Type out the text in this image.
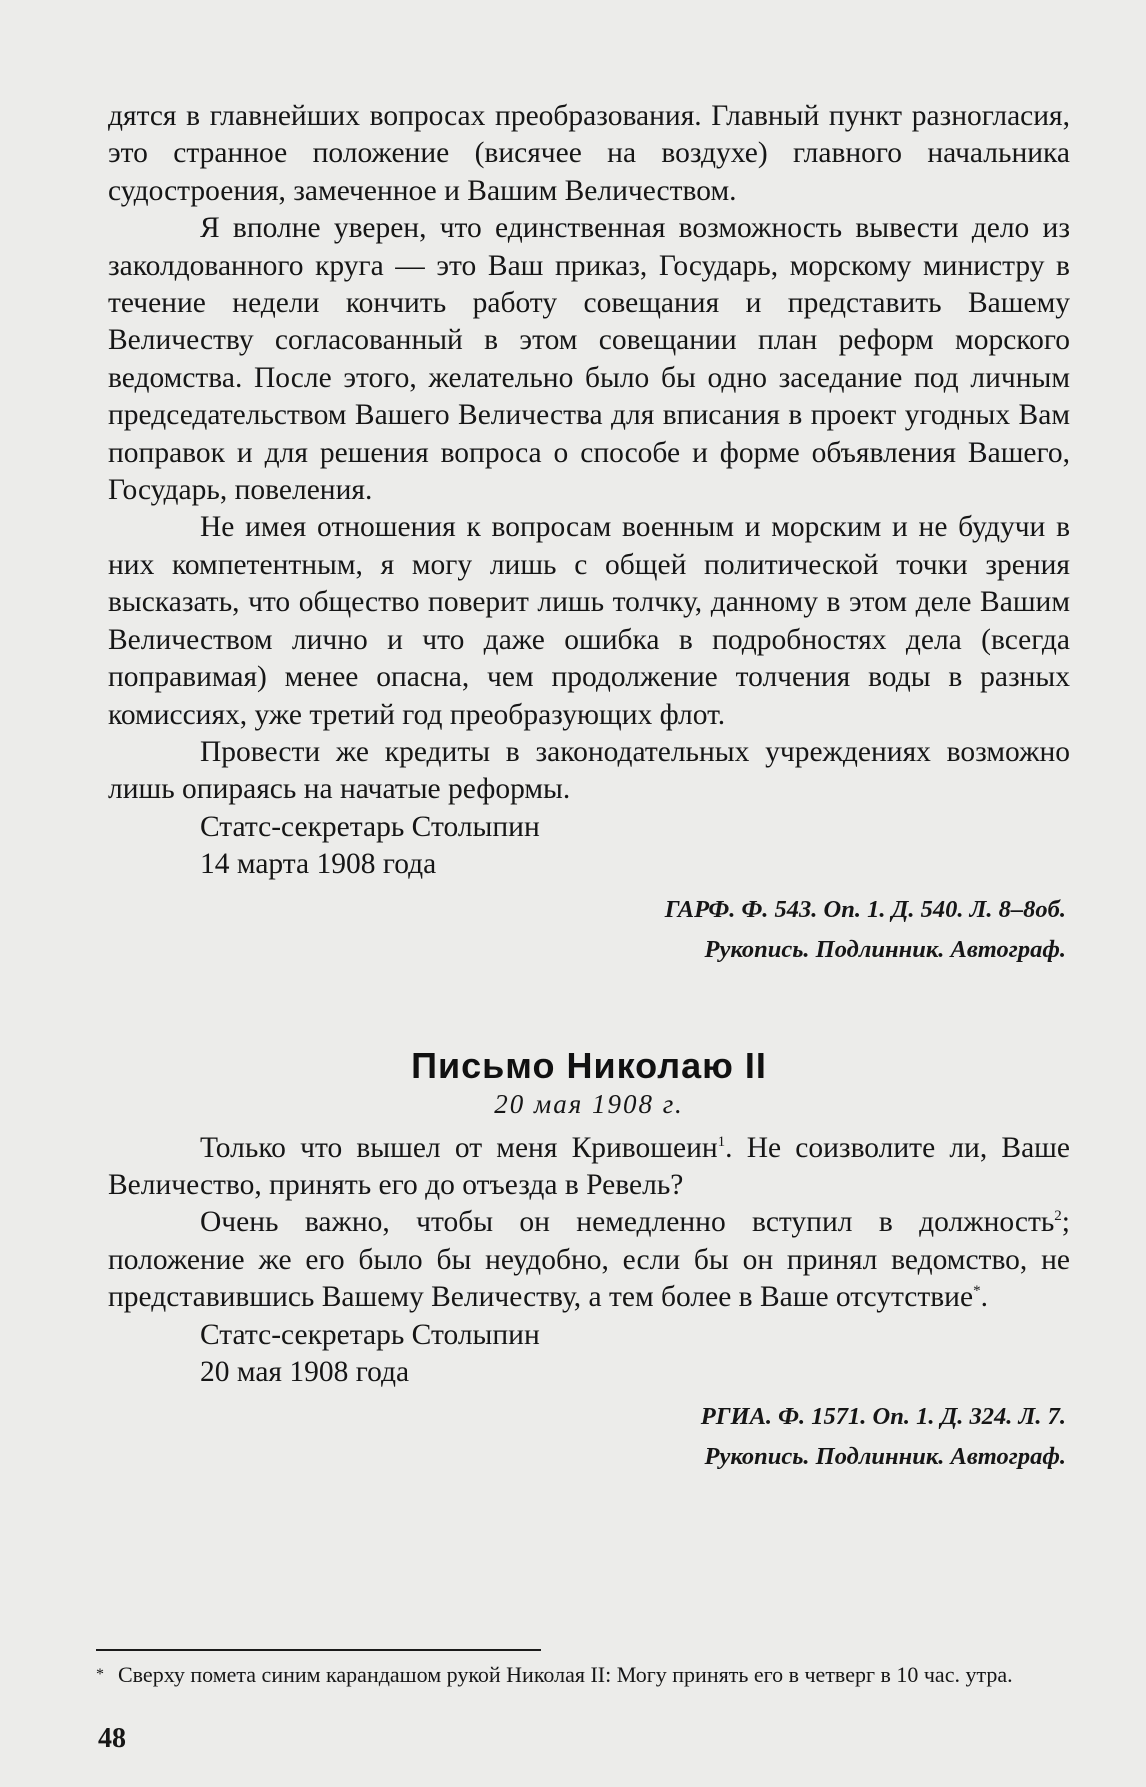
дятся в главнейших вопросах преобразования. Главный пункт разногласия, это странное положение (висячее на воздухе) главного начальника судостроения, замеченное и Вашим Величеством.

Я вполне уверен, что единственная возможность вывести дело из заколдованного круга — это Ваш приказ, Государь, морскому министру в течение недели кончить работу совещания и представить Вашему Величеству согласованный в этом совещании план реформ морского ведомства. После этого, желательно было бы одно заседание под личным председательством Вашего Величества для вписания в проект угодных Вам поправок и для решения вопроса о способе и форме объявления Вашего, Государь, повеления.

Не имея отношения к вопросам военным и морским и не будучи в них компетентным, я могу лишь с общей политической точки зрения высказать, что общество поверит лишь толчку, данному в этом деле Вашим Величеством лично и что даже ошибка в подробностях дела (всегда поправимая) менее опасна, чем продолжение толчения воды в разных комиссиях, уже третий год преобразующих флот.

Провести же кредиты в законодательных учреждениях возможно лишь опираясь на начатые реформы.

Статс-секретарь Столыпин

14 марта 1908 года

ГАРФ. Ф. 543. Оп. 1. Д. 540. Л. 8–8об.

Рукопись. Подлинник. Автограф.

Письмо Николаю II

20 мая 1908 г.

Только что вышел от меня Кривошеин$^1$. Не соизволите ли, Ваше Величество, принять его до отъезда в Ревель?

Очень важно, чтобы он немедленно вступил в должность$^2$; положение же его было бы неудобно, если бы он принял ведомство, не представившись Вашему Величеству, а тем более в Ваше отсутствие*.

Статс-секретарь Столыпин

20 мая 1908 года

РГИА. Ф. 1571. Оп. 1. Д. 324. Л. 7.

Рукопись. Подлинник. Автограф.

* Сверху помета синим карандашом рукой Николая II: Могу принять его в четверг в 10 час. утра.

48
